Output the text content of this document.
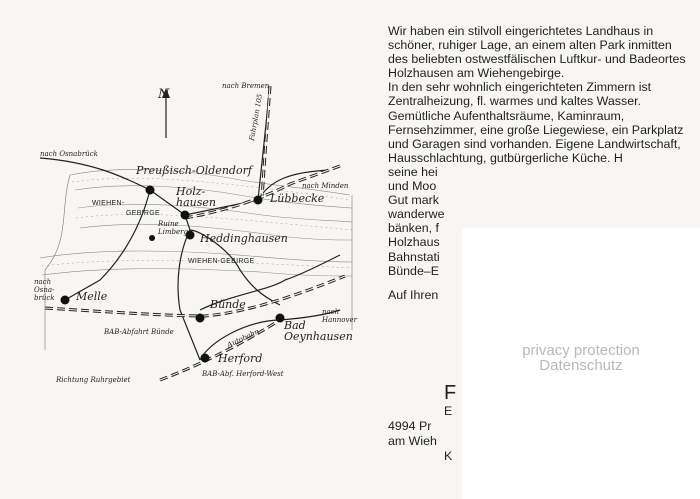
N
nach Osnabrück
nach Bremen
nach Minden
nach
Hannover
nach
Osna-
brück
Richtung Ruhrgebiet
Preußisch-Oldendorf
Holz-
hausen	Lübbecke
Ruine
Limberg Heddinghausen
Melle
Bünde
Herford
Bad
Oeynhausen
Fahrplan 105
Autobahn
BAB-Abfahrt Bünde
BAB-Abf. Herford-West
WIEHEN-
GEBIRGE
WIEHEN-GEBIRGE

Wir haben ein stilvoll eingerichtetes Landhaus in schöner, ruhiger Lage, an einem alten Park inmitten des beliebten ostwestfälischen Luftkur- und Badeortes Holzhausen am Wiehengebirge.

In den sehr wohnlich eingerichteten Zimmern ist Zentralheizung, fl. warmes und kaltes Wasser.

Gemütliche Aufenthaltsräume, Kaminraum, Fernsehzimmer, eine große Liegewiese, ein Parkplatz und Garagen sind vorhanden. Eigene Landwirtschaft, Hausschlachtung, gutbürgerliche Küche. H

seine hei

und Moo

Gut mark

wanderwe

bänken, f

Holzhaus

Bahnstati

Bünde–E

Auf Ihren

F
E
4994 Pr
am Wieh
K
privacy protection
Datenschutz
